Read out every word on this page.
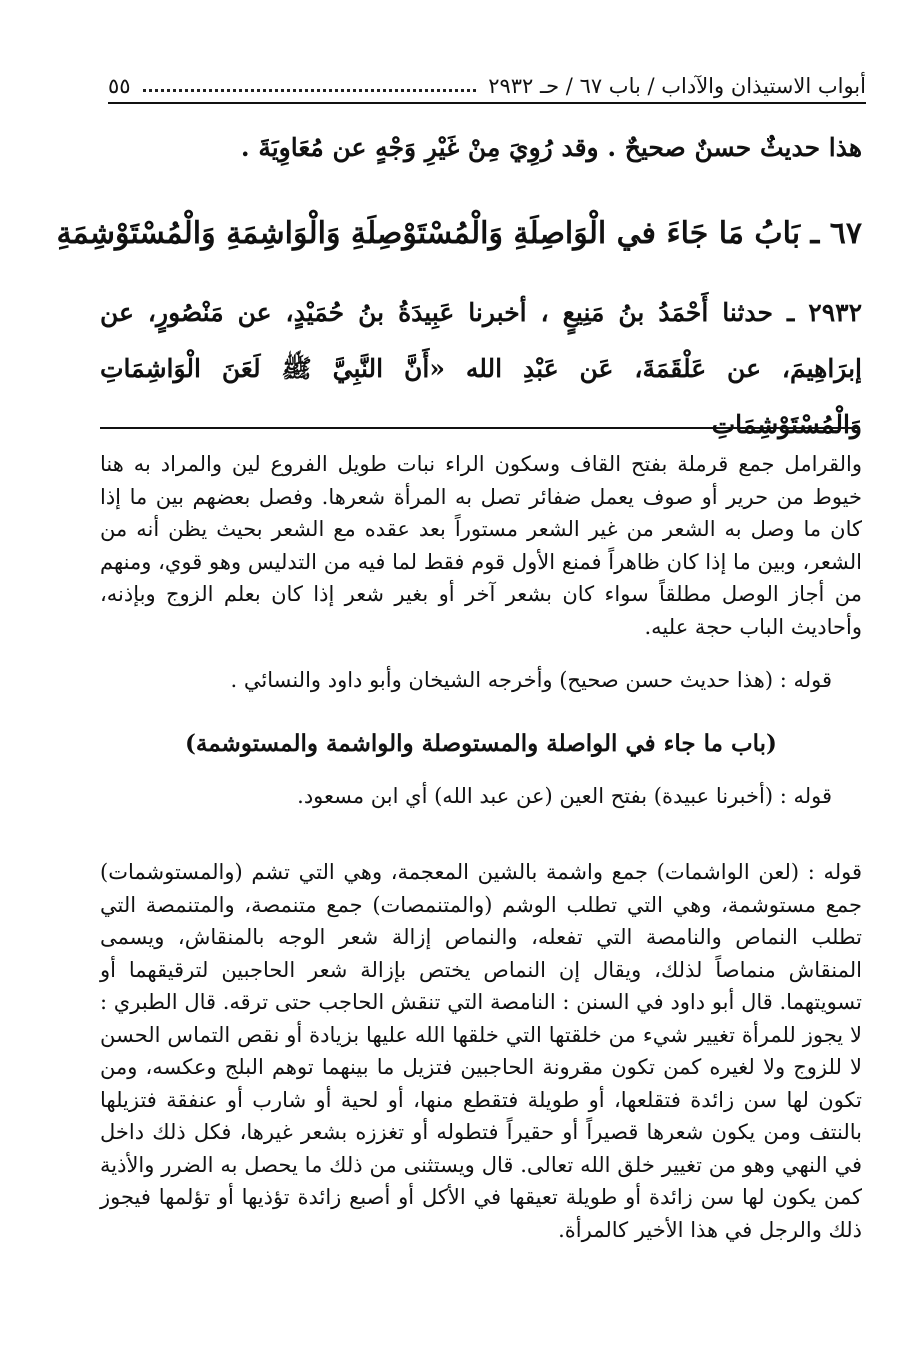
أبواب الاستيذان والآداب / باب ٦٧ / حـ ٢٩٣٢
٥٥
هذا حديثٌ حسنٌ صحيحٌ . وقد رُوِيَ مِنْ غَيْرِ وَجْهٍ عن مُعَاوِيَةَ .
٦٧ ـ بَابُ مَا جَاءَ في الْوَاصِلَةِ وَالْمُسْتَوْصِلَةِ وَالْوَاشِمَةِ وَالْمُسْتَوْشِمَةِ
٢٩٣٢ ـ حدثنا أَحْمَدُ بنُ مَنِيعٍ ، أخبرنا عَبِيدَةُ بنُ حُمَيْدٍ، عن مَنْصُورٍ، عن إبرَاهِيمَ، عن عَلْقَمَةَ، عَن عَبْدِ الله «أَنَّ النَّبِيَّ ﷺ لَعَنَ الْوَاشِمَاتِ وَالْمُسْتَوْشِمَاتِ
والقرامل جمع قرملة بفتح القاف وسكون الراء نبات طويل الفروع لين والمراد به هنا خيوط من حرير أو صوف يعمل ضفائر تصل به المرأة شعرها. وفصل بعضهم بين ما إذا كان ما وصل به الشعر من غير الشعر مستوراً بعد عقده مع الشعر بحيث يظن أنه من الشعر، وبين ما إذا كان ظاهراً فمنع الأول قوم فقط لما فيه من التدليس وهو قوي، ومنهم من أجاز الوصل مطلقاً سواء كان بشعر آخر أو بغير شعر إذا كان بعلم الزوج وبإذنه، وأحاديث الباب حجة عليه.
قوله : (هذا حديث حسن صحيح) وأخرجه الشيخان وأبو داود والنسائي .
(باب ما جاء في الواصلة والمستوصلة والواشمة والمستوشمة)
قوله : (أخبرنا عبيدة) بفتح العين (عن عبد الله) أي ابن مسعود.
قوله : (لعن الواشمات) جمع واشمة بالشين المعجمة، وهي التي تشم (والمستوشمات) جمع مستوشمة، وهي التي تطلب الوشم (والمتنمصات) جمع متنمصة، والمتنمصة التي تطلب النماص والنامصة التي تفعله، والنماص إزالة شعر الوجه بالمنقاش، ويسمى المنقاش منماصاً لذلك، ويقال إن النماص يختص بإزالة شعر الحاجبين لترقيقهما أو تسويتهما. قال أبو داود في السنن : النامصة التي تنقش الحاجب حتى ترقه. قال الطبري : لا يجوز للمرأة تغيير شيء من خلقتها التي خلقها الله عليها بزيادة أو نقص التماس الحسن لا للزوج ولا لغيره كمن تكون مقرونة الحاجبين فتزيل ما بينهما توهم البلج وعكسه، ومن تكون لها سن زائدة فتقلعها، أو طويلة فتقطع منها، أو لحية أو شارب أو عنفقة فتزيلها بالنتف ومن يكون شعرها قصيراً أو حقيراً فتطوله أو تغززه بشعر غيرها، فكل ذلك داخل في النهي وهو من تغيير خلق الله تعالى. قال ويستثنى من ذلك ما يحصل به الضرر والأذية كمن يكون لها سن زائدة أو طويلة تعيقها في الأكل أو أصبع زائدة تؤذيها أو تؤلمها فيجوز ذلك والرجل في هذا الأخير كالمرأة.
